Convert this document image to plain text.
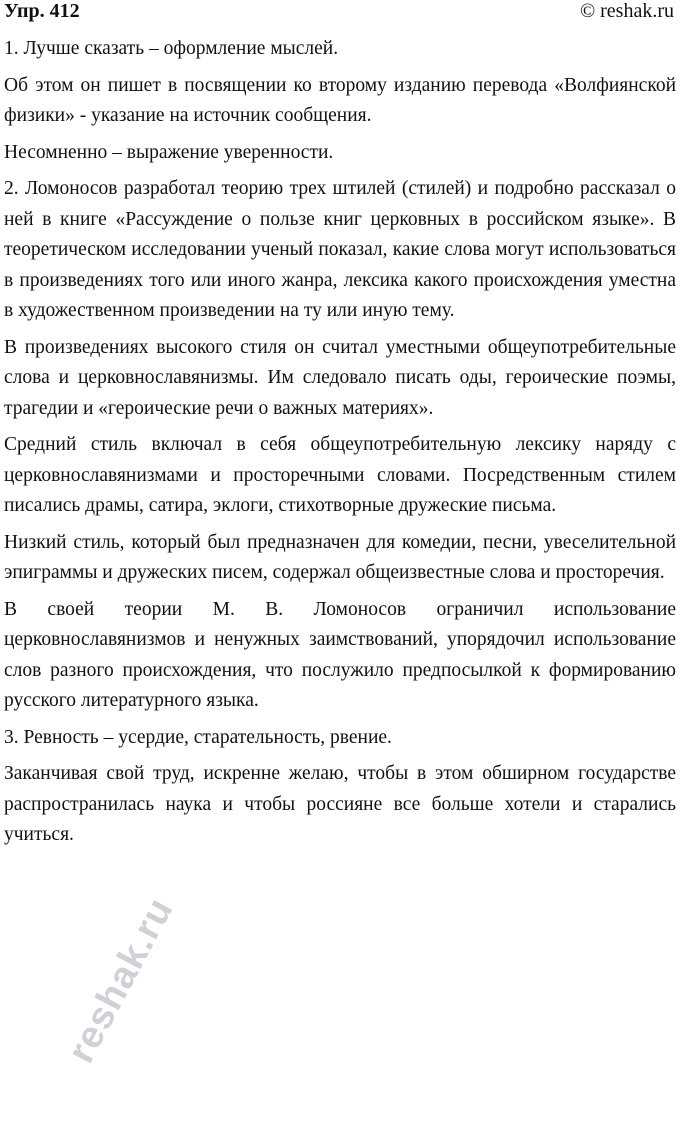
Упр. 412	© reshak.ru

1. Лучше сказать – оформление мыслей.

Об этом он пишет в посвящении ко второму изданию перевода «Волфиянской физики» - указание на источник сообщения.

Несомненно – выражение уверенности.

2. Ломоносов разработал теорию трех штилей (стилей) и подробно рассказал о ней в книге «Рассуждение о пользе книг церковных в российском языке». В теоретическом исследовании ученый показал, какие слова могут использоваться в произведениях того или иного жанра, лексика какого происхождения уместна в художественном произведении на ту или иную тему.

В произведениях высокого стиля он считал уместными общеупотребительные слова и церковнославянизмы. Им следовало писать оды, героические поэмы, трагедии и «героические речи о важных материях».

Средний стиль включал в себя общеупотребительную лексику наряду с церковнославянизмами и просторечными словами. Посредственным стилем писались драмы, сатира, эклоги, стихотворные дружеские письма.

Низкий стиль, который был предназначен для комедии, песни, увеселительной эпиграммы и дружеских писем, содержал общеизвестные слова и просторечия.

В своей теории М. В. Ломоносов ограничил использование церковнославянизмов и ненужных заимствований, упорядочил использование слов разного происхождения, что послужило предпосылкой к формированию русского литературного языка.

3. Ревность – усердие, старательность, рвение.

Заканчивая свой труд, искренне желаю, чтобы в этом обширном государстве распространилась наука и чтобы россияне все больше хотели и старались учиться.

reshak.ru
